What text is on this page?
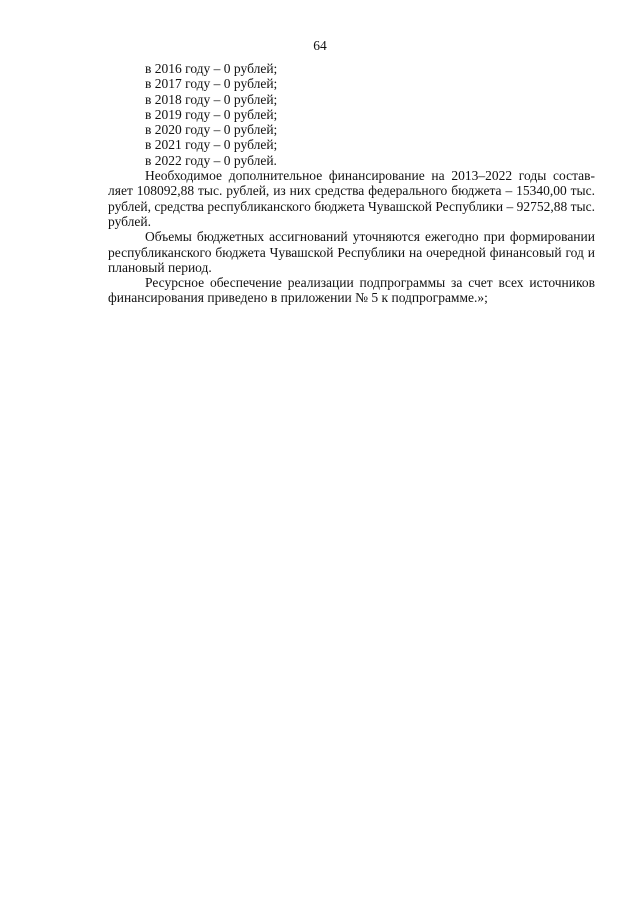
64
в 2016 году – 0 рублей;
в 2017 году – 0 рублей;
в 2018 году – 0 рублей;
в 2019 году – 0 рублей;
в 2020 году – 0 рублей;
в 2021 году – 0 рублей;
в 2022 году – 0 рублей.

Необходимое дополнительное финансирование на 2013–2022 годы составляет 108092,88 тыс. рублей, из них средства федерального бюджета – 15340,00 тыс. рублей, средства республиканского бюджета Чувашской Республики – 92752,88 тыс. рублей.

Объемы бюджетных ассигнований уточняются ежегодно при формировании республиканского бюджета Чувашской Республики на очередной финансовый год и плановый период.

Ресурсное обеспечение реализации подпрограммы за счет всех источников финансирования приведено в приложении № 5 к подпрограмме.»;
